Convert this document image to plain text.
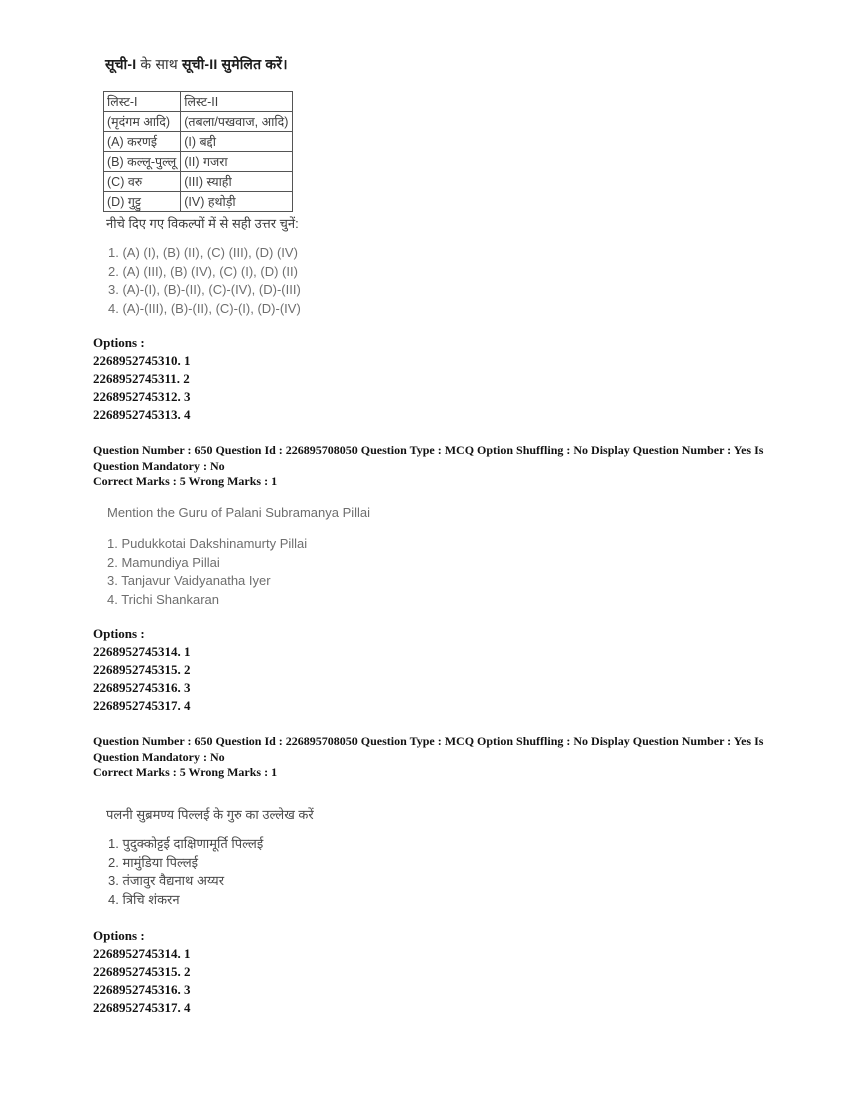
सूची-I के साथ सूची-II सुमेलित करें।
लिस्ट-I	लिस्ट-II
(मृदंगम आदि)	(तबला/पखवाज, आदि)
(A) करणई	(I) बद्दी
(B) कल्लू-पुल्लू	(II) गजरा
(C) वरु	(III) स्याही
(D) गुट्टु	(IV) हथोड़ी
नीचे दिए गए विकल्पों में से सही उत्तर चुनें:
1. (A) (I), (B) (II), (C) (III), (D) (IV)
2. (A) (III), (B) (IV), (C) (I), (D) (II)
3. (A)-(I), (B)-(II), (C)-(IV), (D)-(III)
4. (A)-(III), (B)-(II), (C)-(I), (D)-(IV)
Options :
2268952745310. 1
2268952745311. 2
2268952745312. 3
2268952745313. 4
Question Number : 650 Question Id : 226895708050 Question Type : MCQ Option Shuffling : No Display Question Number : Yes Is
Question Mandatory : No
Correct Marks : 5 Wrong Marks : 1
Mention the Guru of Palani Subramanya Pillai
1. Pudukkotai Dakshinamurty Pillai
2. Mamundiya Pillai
3. Tanjavur Vaidyanatha Iyer
4. Trichi Shankaran
Options :
2268952745314. 1
2268952745315. 2
2268952745316. 3
2268952745317. 4
Question Number : 650 Question Id : 226895708050 Question Type : MCQ Option Shuffling : No Display Question Number : Yes Is
Question Mandatory : No
Correct Marks : 5 Wrong Marks : 1
पलनी सुब्रमण्य पिल्लई के गुरु का उल्लेख करें
1. पुदुक्कोट्टई दाक्षिणामूर्ति पिल्लई
2. मामुंडिया पिल्लई
3. तंजावुर वैद्यनाथ अय्यर
4. त्रिचि शंकरन
Options :
2268952745314. 1
2268952745315. 2
2268952745316. 3
2268952745317. 4
